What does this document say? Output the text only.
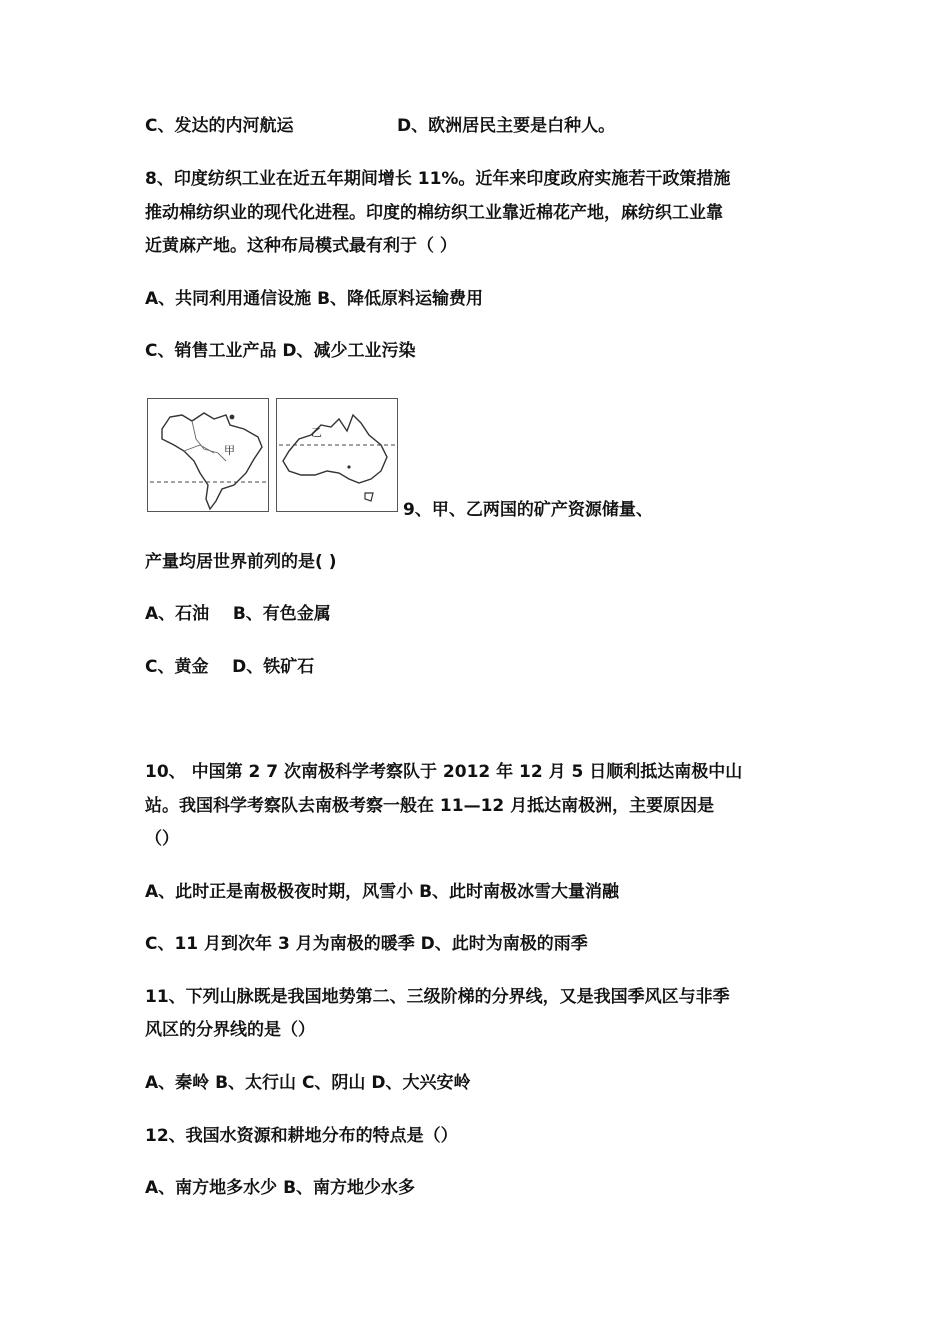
C、发达的内河航运	D、欧洲居民主要是白种人。
8、印度纺织工业在近五年期间增长 11%。近年来印度政府实施若干政策措施
推动棉纺织业的现代化进程。印度的棉纺织工业靠近棉花产地，麻纺织工业靠
近黄麻产地。这种布局模式最有利于（ ）
A、共同利用通信设施 B、降低原料运输费用
C、销售工业产品 D、减少工业污染
甲
乙
9、甲、乙两国的矿产资源储量、
产量均居世界前列的是( )
A、石油    B、有色金属
C、黄金    D、铁矿石
10、 中国第 2 7 次南极科学考察队于 2012 年 12 月 5 日顺利抵达南极中山
站。我国科学考察队去南极考察一般在 11—12 月抵达南极洲，主要原因是
（）
A、此时正是南极极夜时期，风雪小 B、此时南极冰雪大量消融
C、11 月到次年 3 月为南极的暖季 D、此时为南极的雨季
11、下列山脉既是我国地势第二、三级阶梯的分界线，又是我国季风区与非季
风区的分界线的是（）
A、秦岭 B、太行山 C、阴山 D、大兴安岭
12、我国水资源和耕地分布的特点是（）
A、南方地多水少 B、南方地少水多
